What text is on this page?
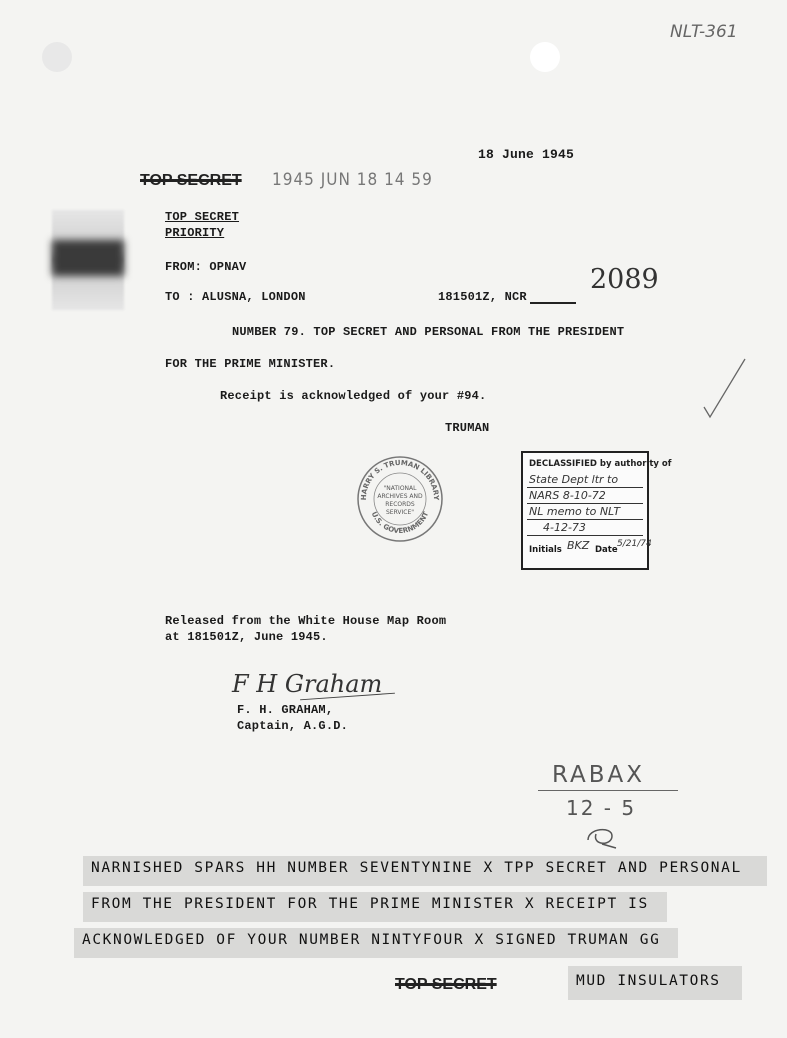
NLT-361
18 June 1945
TOP SECRET 1945 JUN 18 14 59
TOP SECRET
PRIORITY
FROM: OPNAV
TO : ALUSNA, LONDON	181501Z, NCR
2089
NUMBER 79. TOP SECRET AND PERSONAL FROM THE PRESIDENT
FOR THE PRIME MINISTER.
Receipt is acknowledged of your #94.
TRUMAN
HARRY S. TRUMAN LIBRARY
U.S. GOVERNMENT
"NATIONAL
ARCHIVES AND
RECORDS
SERVICE"
DECLASSIFIED by authority of
State Dept ltr to
NARS 8-10-72
NL memo to NLT
4-12-73
Initials BKZ Date
5/21/74
Released from the White House Map Room
at 181501Z, June 1945.
F H Graham
F. H. GRAHAM,
Captain, A.G.D.
RABAX
12 - 5
NARNISHED SPARS HH NUMBER SEVENTYNINE X TPP SECRET AND PERSONAL
FROM THE PRESIDENT FOR THE PRIME MINISTER X RECEIPT IS
ACKNOWLEDGED OF YOUR NUMBER NINTYFOUR X SIGNED TRUMAN GG
TOP SECRET	MUD INSULATORS
